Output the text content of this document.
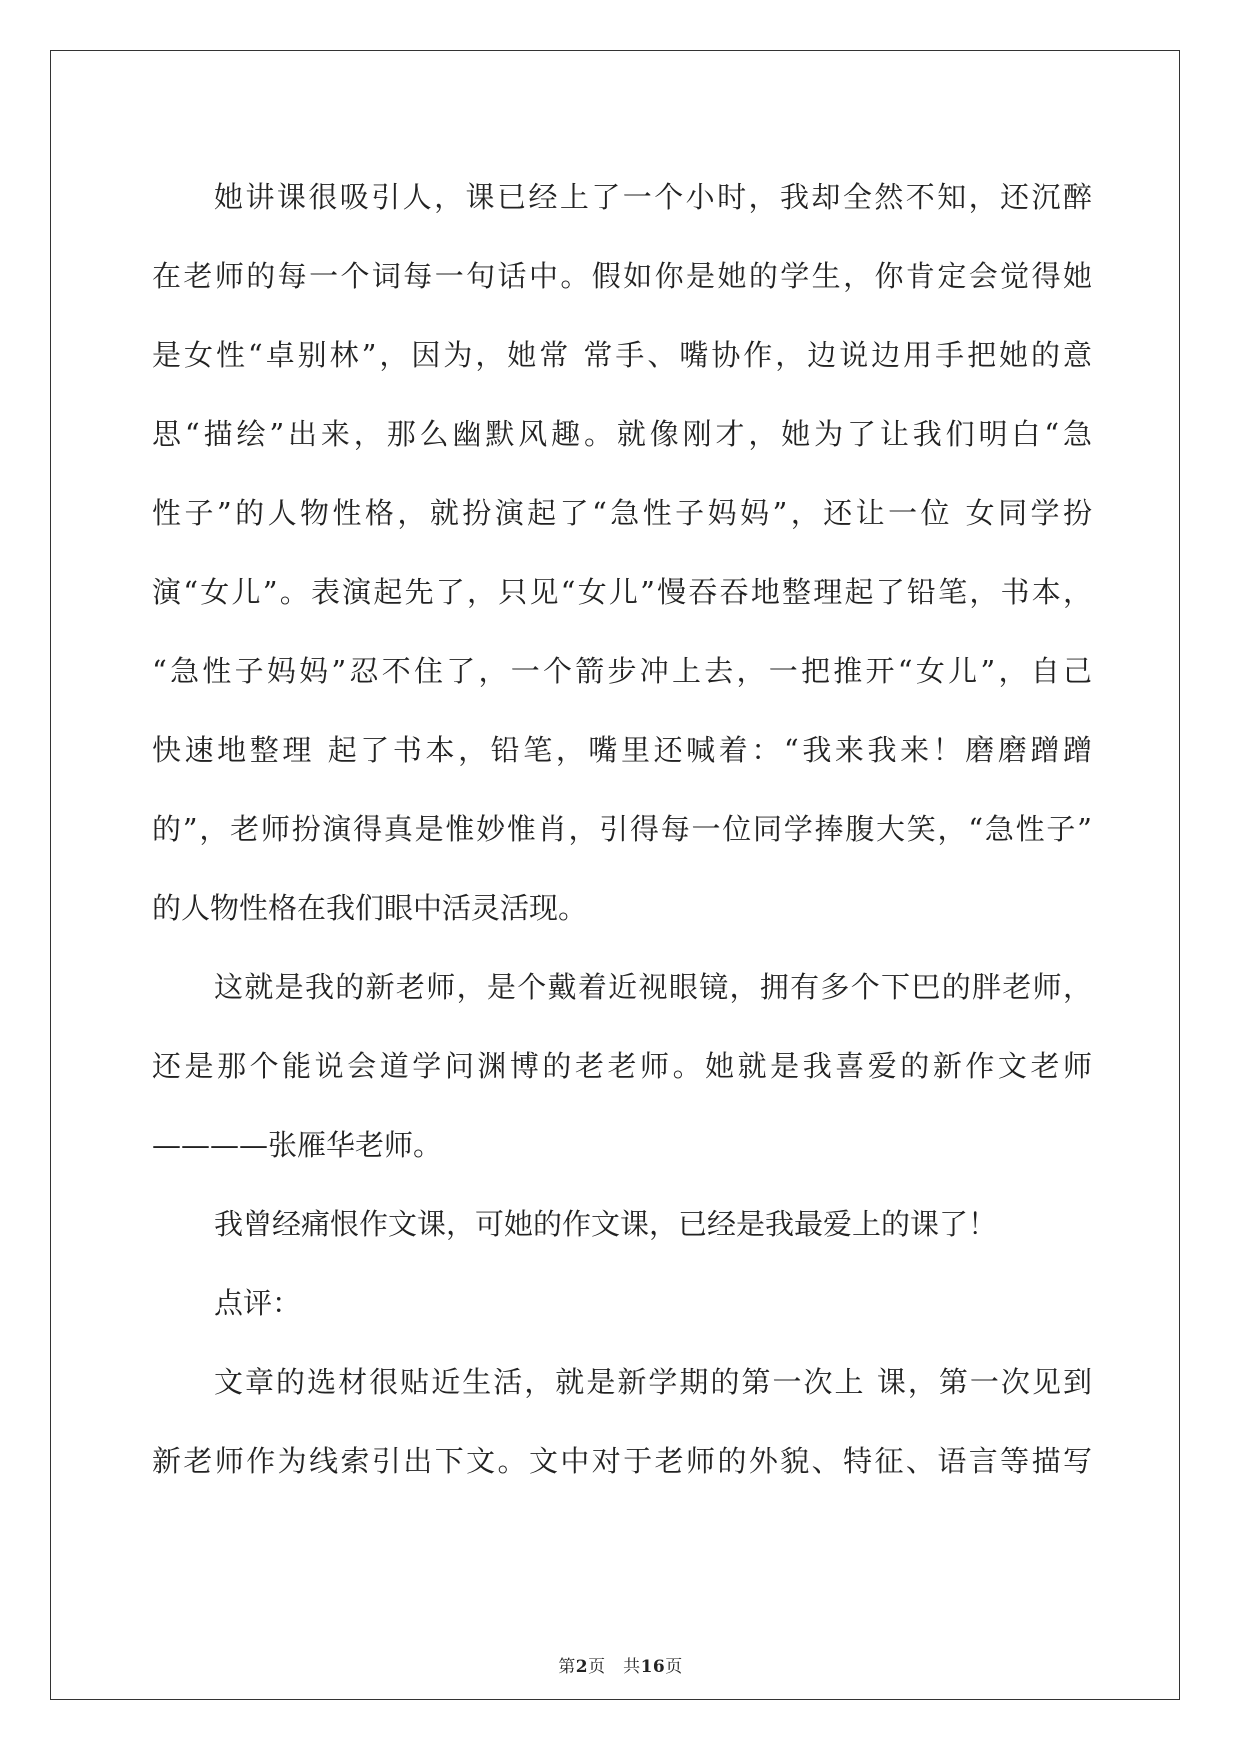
她讲课很吸引人，课已经上了一个小时，我却全然不知，还沉醉
在老师的每一个词每一句话中。假如你是她的学生，你肯定会觉得她
是女性“卓别林”，因为，她常 常手、嘴协作，边说边用手把她的意
思“描绘”出来，那么幽默风趣。就像刚才，她为了让我们明白“急
性子”的人物性格，就扮演起了“急性子妈妈”，还让一位 女同学扮
演“女儿”。表演起先了，只见“女儿”慢吞吞地整理起了铅笔，书本，
“急性子妈妈”忍不住了，一个箭步冲上去，一把推开“女儿”，自己
快速地整理 起了书本，铅笔，嘴里还喊着：“我来我来！磨磨蹭蹭
的”，老师扮演得真是惟妙惟肖，引得每一位同学捧腹大笑，“急性子”
的人物性格在我们眼中活灵活现。
这就是我的新老师，是个戴着近视眼镜，拥有多个下巴的胖老师，
还是那个能说会道学问渊博的老老师。她就是我喜爱的新作文老师
————张雁华老师。
我曾经痛恨作文课，可她的作文课，已经是我最爱上的课了！
点评：
文章的选材很贴近生活，就是新学期的第一次上 课，第一次见到
新老师作为线索引出下文。文中对于老师的外貌、特征、语言等描写
第2页　共16页
